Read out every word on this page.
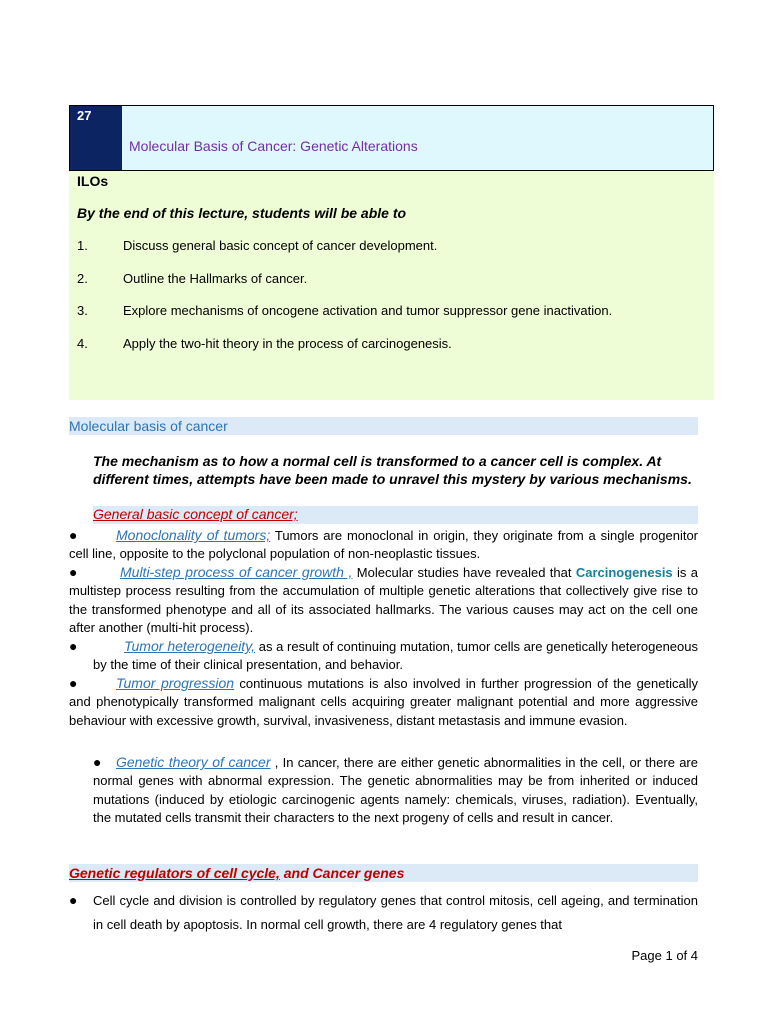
27
Molecular Basis of Cancer: Genetic Alterations
ILOs
By the end of this lecture, students will be able to
1.	Discuss general basic concept of cancer development.
2.	Outline the Hallmarks of cancer.
3.	Explore mechanisms of oncogene activation and tumor suppressor gene inactivation.
4.	Apply the two-hit theory in the process of carcinogenesis.
Molecular basis of cancer
The mechanism as to how a normal cell is transformed to a cancer cell is complex. At different times, attempts have been made to unravel this mystery by various mechanisms.
General basic concept of cancer;
●	Monoclonality of tumors; Tumors are monoclonal in origin, they originate from a single progenitor cell line, opposite to the polyclonal population of non-neoplastic tissues.
●	Multi-step process of cancer growth , Molecular studies have revealed that Carcinogenesis is a multistep process resulting from the accumulation of multiple genetic alterations that collectively give rise to the transformed phenotype and all of its associated hallmarks. The various causes may act on the cell one after another (multi-hit process).
●	Tumor heterogeneity, as a result of continuing mutation, tumor cells are genetically heterogeneous by the time of their clinical presentation, and behavior.
●	Tumor progression continuous mutations is also involved in further progression of the genetically and phenotypically transformed malignant cells acquiring greater malignant potential and more aggressive behaviour with excessive growth, survival, invasiveness, distant metastasis and immune evasion.
●	Genetic theory of cancer , In cancer, there are either genetic abnormalities in the cell, or there are normal genes with abnormal expression. The genetic abnormalities may be from inherited or induced mutations (induced by etiologic carcinogenic agents namely: chemicals, viruses, radiation). Eventually, the mutated cells transmit their characters to the next progeny of cells and result in cancer.
Genetic regulators of cell cycle, and Cancer genes
● Cell cycle and division is controlled by regulatory genes that control mitosis, cell ageing, and termination in cell death by apoptosis. In normal cell growth, there are 4 regulatory genes that
Page 1 of 4
